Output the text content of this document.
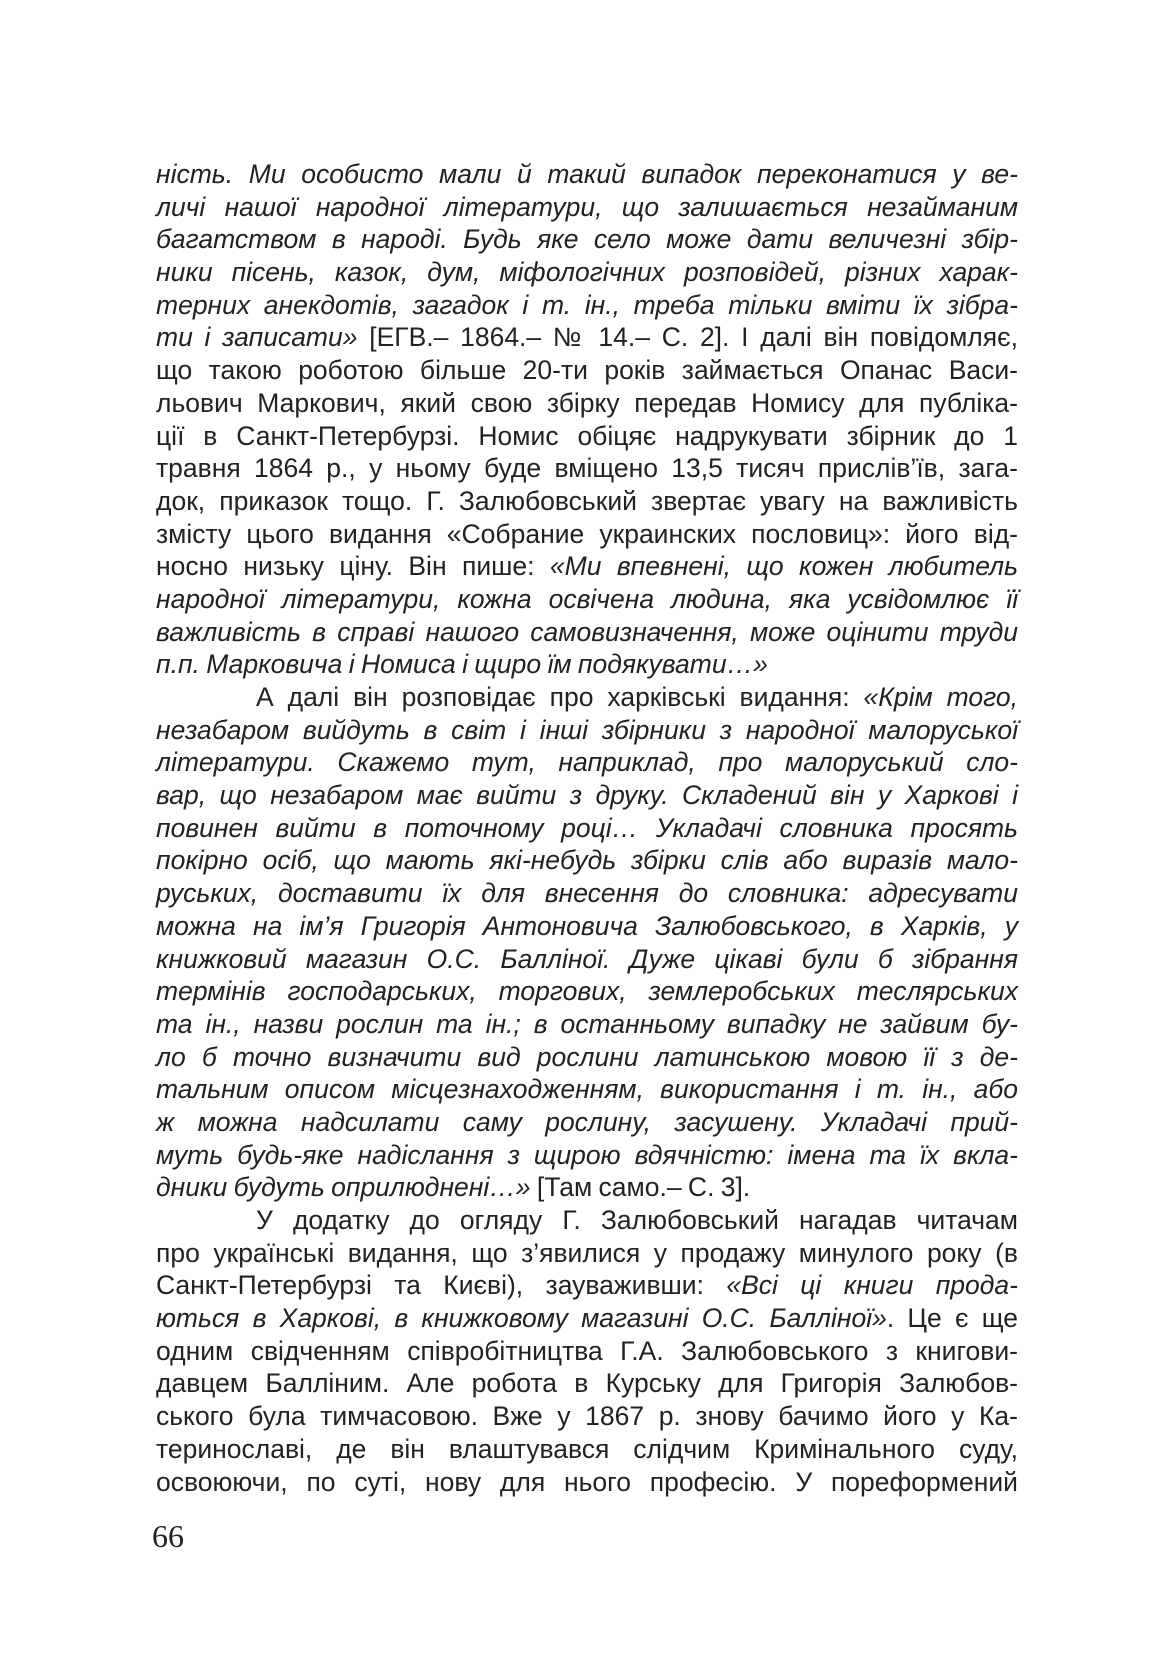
ність. Ми особисто мали й такий випадок переконатися у ве-
личі нашої народної літератури, що залишається незайманим
багатством в народі. Будь яке село може дати величезні збір-
ники пісень, казок, дум, міфологічних розповідей, різних харак-
терних анекдотів, загадок і т. ін., треба тільки вміти їх зібра-
ти і записати» [ЕГВ.– 1864.– № 14.– С. 2]. І далі він повідомляє,
що такою роботою більше 20-ти років займається Опанас Васи-
льович Маркович, який свою збірку передав Номису для публіка-
ції в Санкт-Петербурзі. Номис обіцяє надрукувати збірник до 1
травня 1864 р., у ньому буде вміщено 13,5 тисяч прислів’їв, зага-
док, приказок тощо. Г. Залюбовський звертає увагу на важливість
змісту цього видання «Собрание украинских пословиц»: його від-
носно низьку ціну. Він пише: «Ми впевнені, що кожен любитель
народної літератури, кожна освічена людина, яка усвідомлює її
важливість в справі нашого самовизначення, може оцінити труди
п.п. Марковича і Номиса і щиро їм подякувати…»
А далі він розповідає про харківські видання: «Крім того,
незабаром вийдуть в світ і інші збірники з народної малоруської
літератури. Скажемо тут, наприклад, про малоруський сло-
вар, що незабаром має вийти з друку. Складений він у Харкові і
повинен вийти в поточному році… Укладачі словника просять
покірно осіб, що мають які-небудь збірки слів або виразів мало-
руських, доставити їх для внесення до словника: адресувати
можна на ім’я Григорія Антоновича Залюбовського, в Харків, у
книжковий магазин О.С. Балліної. Дуже цікаві були б зібрання
термінів господарських, торгових, землеробських теслярських
та ін., назви рослин та ін.; в останньому випадку не зайвим бу-
ло б точно визначити вид рослини латинською мовою її з де-
тальним описом місцезнаходженням, використання і т. ін., або
ж можна надсилати саму рослину, засушену. Укладачі прий-
муть будь-яке надіслання з щирою вдячністю: імена та їх вкла-
дники будуть оприлюднені…» [Там само.– С. 3].
У додатку до огляду Г. Залюбовський нагадав читачам
про українські видання, що з’явилися у продажу минулого року (в
Санкт-Петербурзі та Києві), зауваживши: «Всі ці книги прода-
ються в Харкові, в книжковому магазині О.С. Балліної». Це є ще
одним свідченням співробітництва Г.А. Залюбовського з книгови-
давцем Балліним. Але робота в Курську для Григорія Залюбов-
ського була тимчасовою. Вже у 1867 р. знову бачимо його у Ка-
теринославі, де він влаштувався слідчим Кримінального суду,
освоюючи, по суті, нову для нього професію. У пореформений
66
